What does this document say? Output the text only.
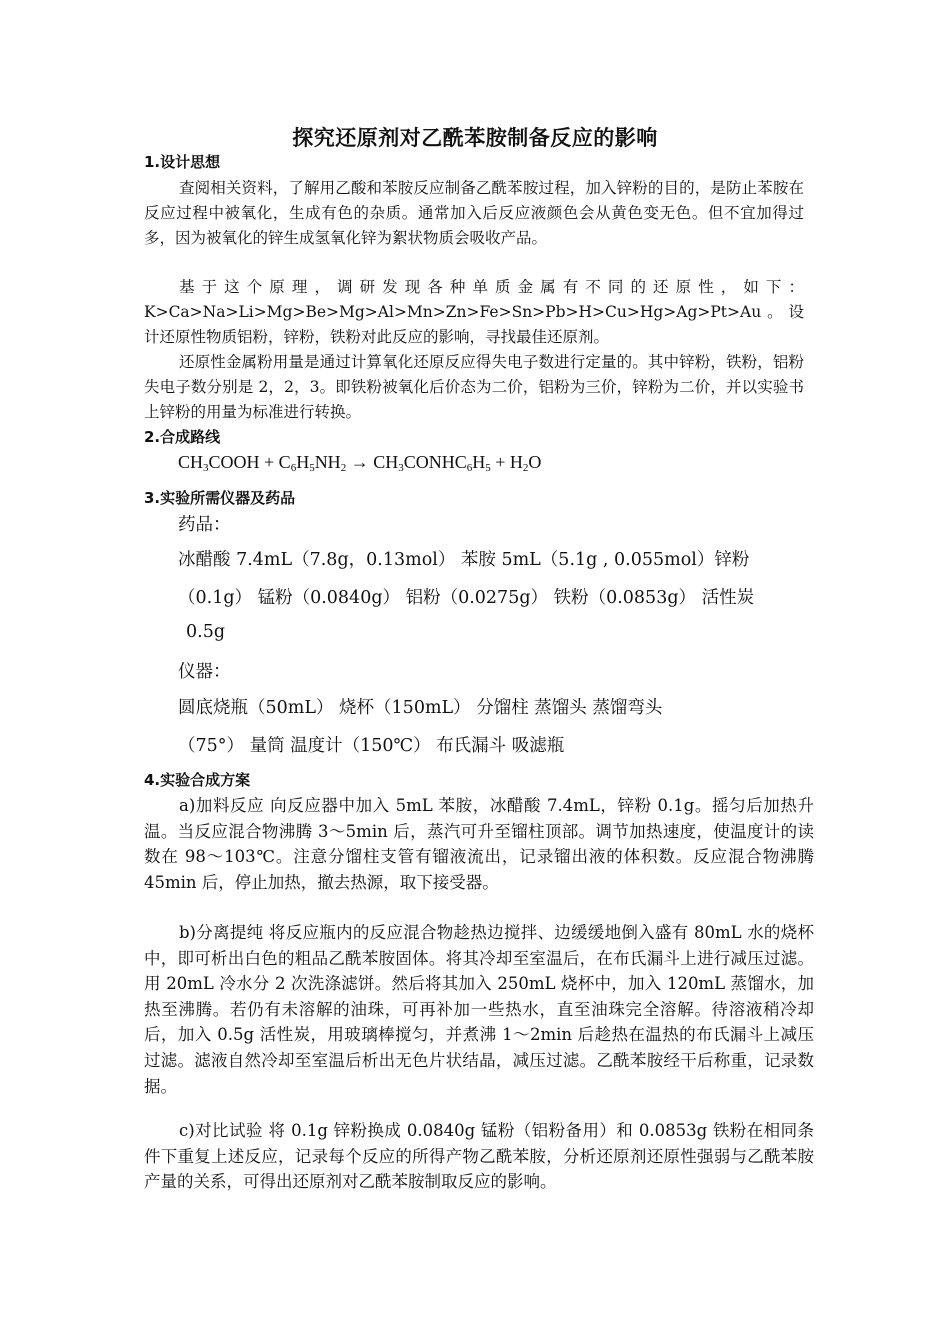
探究还原剂对乙酰苯胺制备反应的影响
1.设计思想
查阅相关资料，了解用乙酸和苯胺反应制备乙酰苯胺过程，加入锌粉的目的，是防止苯胺在反应过程中被氧化，生成有色的杂质。通常加入后反应液颜色会从黄色变无色。但不宜加得过多，因为被氧化的锌生成氢氧化锌为絮状物质会吸收产品。
基于这个原理，调研发现各种单质金属有不同的还原性，如下：K>Ca>Na>Li>Mg>Be>Mg>Al>Mn>Zn>Fe>Sn>Pb>H>Cu>Hg>Ag>Pt>Au。设计还原性物质铝粉，锌粉，铁粉对此反应的影响，寻找最佳还原剂。
还原性金属粉用量是通过计算氧化还原反应得失电子数进行定量的。其中锌粉，铁粉，铝粉失电子数分别是 2，2，3。即铁粉被氧化后价态为二价，铝粉为三价，锌粉为二价，并以实验书上锌粉的用量为标准进行转换。
2.合成路线
$CH_3COOH + C_6H_5NH_2$ → $CH_3CONHC_6H_5 + H_2O$
3.实验所需仪器及药品
药品：
冰醋酸 7.4mL（7.8g，0.13mol） 苯胺 5mL（5.1g , 0.055mol）锌粉
（0.1g） 锰粉（0.0840g） 铝粉（0.0275g） 铁粉（0.0853g） 活性炭
0.5g
仪器：
圆底烧瓶（50mL） 烧杯（150mL） 分馏柱 蒸馏头 蒸馏弯头
（75°） 量筒 温度计（150℃） 布氏漏斗 吸滤瓶
4.实验合成方案
a)加料反应 向反应器中加入 5mL 苯胺，冰醋酸 7.4mL，锌粉 0.1g。摇匀后加热升温。当反应混合物沸腾 3～5min 后，蒸汽可升至镏柱顶部。调节加热速度，使温度计的读数在 98～103℃。注意分馏柱支管有镏液流出，记录镏出液的体积数。反应混合物沸腾 45min 后，停止加热，撤去热源，取下接受器。
b)分离提纯 将反应瓶内的反应混合物趁热边搅拌、边缓缓地倒入盛有 80mL 水的烧杯中，即可析出白色的粗品乙酰苯胺固体。将其冷却至室温后，在布氏漏斗上进行减压过滤。用 20mL 冷水分 2 次洗涤滤饼。然后将其加入 250mL 烧杯中，加入 120mL 蒸馏水，加热至沸腾。若仍有未溶解的油珠，可再补加一些热水，直至油珠完全溶解。待溶液稍冷却后，加入 0.5g 活性炭，用玻璃棒搅匀，并煮沸 1～2min 后趁热在温热的布氏漏斗上减压过滤。滤液自然冷却至室温后析出无色片状结晶，减压过滤。乙酰苯胺经干后称重，记录数据。
c)对比试验 将 0.1g 锌粉换成 0.0840g 锰粉（铝粉备用）和 0.0853g 铁粉在相同条件下重复上述反应，记录每个反应的所得产物乙酰苯胺，分析还原剂还原性强弱与乙酰苯胺产量的关系，可得出还原剂对乙酰苯胺制取反应的影响。
